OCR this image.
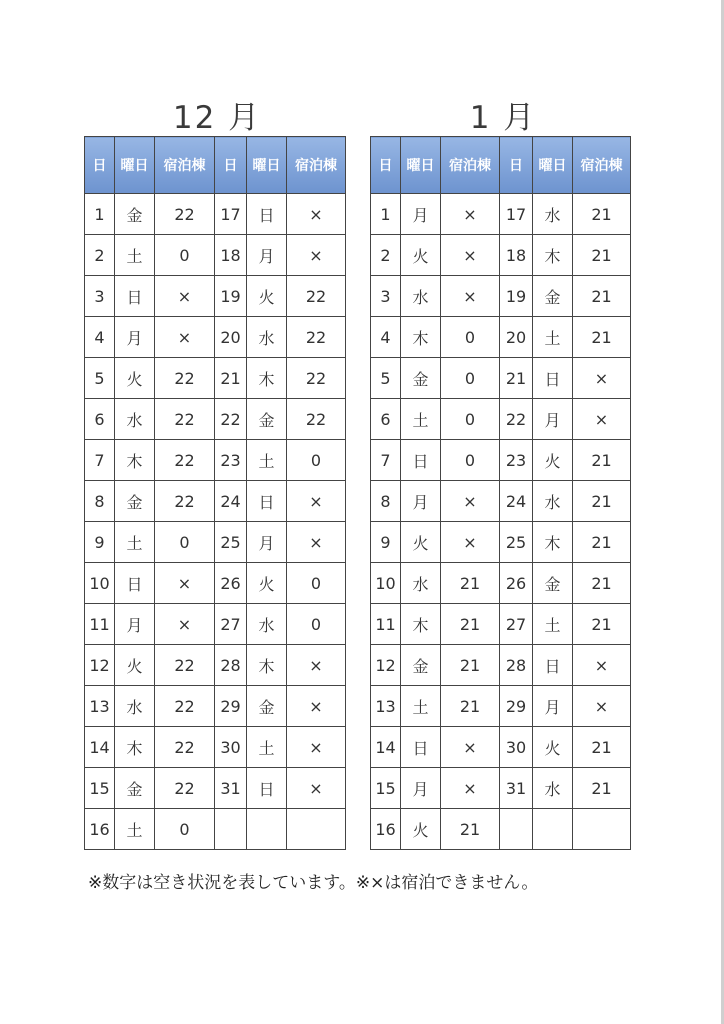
12 月	1 月
日	曜日	宿泊棟	日	曜日	宿泊棟
1	金	22	17	日	×
2	土	0	18	月	×
3	日	×	19	火	22
4	月	×	20	水	22
5	火	22	21	木	22
6	水	22	22	金	22
7	木	22	23	土	0
8	金	22	24	日	×
9	土	0	25	月	×
10	日	×	26	火	0
11	月	×	27	水	0
12	火	22	28	木	×
13	水	22	29	金	×
14	木	22	30	土	×
15	金	22	31	日	×
16	土	0			
日	曜日	宿泊棟	日	曜日	宿泊棟
1	月	×	17	水	21
2	火	×	18	木	21
3	水	×	19	金	21
4	木	0	20	土	21
5	金	0	21	日	×
6	土	0	22	月	×
7	日	0	23	火	21
8	月	×	24	水	21
9	火	×	25	木	21
10	水	21	26	金	21
11	木	21	27	土	21
12	金	21	28	日	×
13	土	21	29	月	×
14	日	×	30	火	21
15	月	×	31	水	21
16	火	21			
※数字は空き状況を表しています。※×は宿泊できません。
